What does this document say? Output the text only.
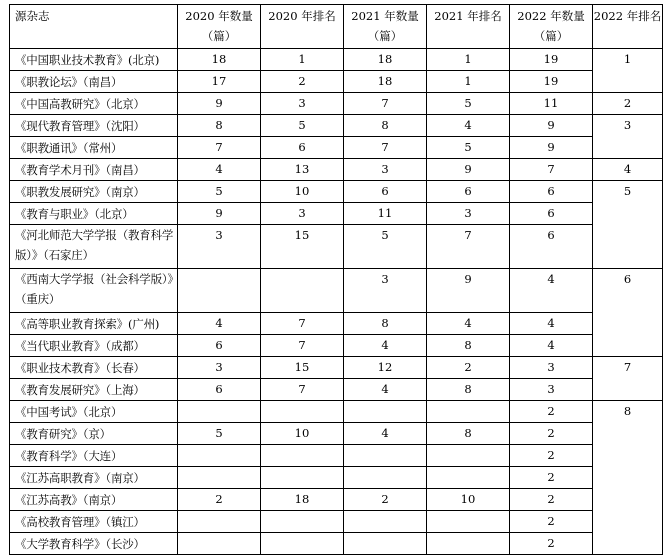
源杂志	2020 年数量（篇）	2020 年排名	2021 年数量（篇）	2021 年排名	2022 年数量（篇）	2022 年排名
《中国职业技术教育》(北京)	18	1	18	1	19	1
《职教论坛》（南昌）	17	2	18	1	19	
《中国高教研究》（北京）	9	3	7	5	11	2
《现代教育管理》（沈阳）	8	5	8	4	9	3
《职教通讯》（常州）	7	6	7	5	9	
《教育学术月刊》（南昌）	4	13	3	9	7	4
《职教发展研究》（南京）	5	10	6	6	6	5
《教育与职业》（北京）	9	3	11	3	6	
《河北师范大学学报（教育科学版）》（石家庄）	3	15	5	7	6	
《西南大学学报（社会科学版）》（重庆）			3	9	4	6
《高等职业教育探索》(广州)	4	7	8	4	4	
《当代职业教育》（成都）	6	7	4	8	4	
《职业技术教育》（长春）	3	15	12	2	3	7
《教育发展研究》（上海）	6	7	4	8	3	
《中国考试》（北京）					2	8
《教育研究》（京）	5	10	4	8	2	
《教育科学》（大连）					2	
《江苏高职教育》（南京）					2	
《江苏高教》（南京）	2	18	2	10	2	
《高校教育管理》（镇江）					2	
《大学教育科学》（长沙）					2	
